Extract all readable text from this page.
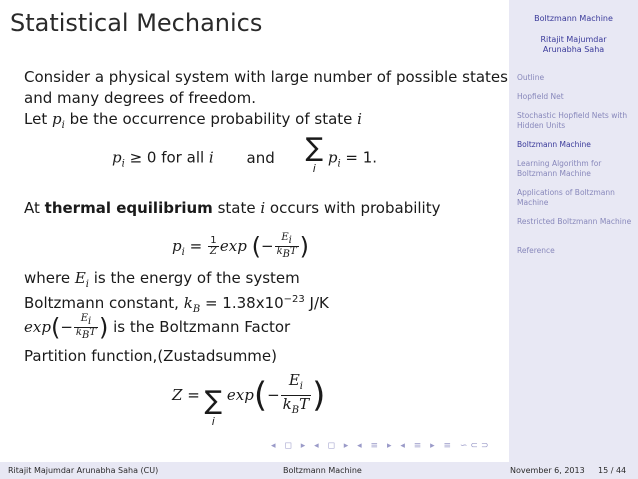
Statistical Mechanics
Consider a physical system with large number of possible states
and many degrees of freedom.
Let $p_i$ be the occurrence probability of state i
$p_i \ge 0$ for all i and ∑
i
$p_i = 1$.
At thermal equilibrium state i occurs with probability
$p_i = \frac{1}{Z}$ exp (− $\frac{E_i}{k_BT}$ )
where $E_i$ is the energy of the system
Boltzmann constant, $k_B = 1.38x10^{-23}$ J/K
$\exp(- \frac{E_i}{k_BT}$ ) is the Boltzmann Factor
Partition function,(Zustadsumme)
Z = ∑
i
$\exp(- \frac{E_i}{k_BT}$ )
◂ ◻ ▸ ◂ ◻ ▸ ◂ ≡ ▸ ◂ ≡ ▸ ≡ ∽⊂⊃
Boltzmann Machine
Ritajit Majumdar
Arunabha Saha
Outline
Hopfield Net
Stochastic Hopfield Nets with Hidden Units
Boltzmann Machine
Learning Algorithm for Boltzmann Machine
Applications of Boltzmann Machine
Restricted Boltzmann Machine
Reference
Ritajit Majumdar Arunabha Saha (CU)	Boltzmann Machine	November 6, 2013 15 / 44
